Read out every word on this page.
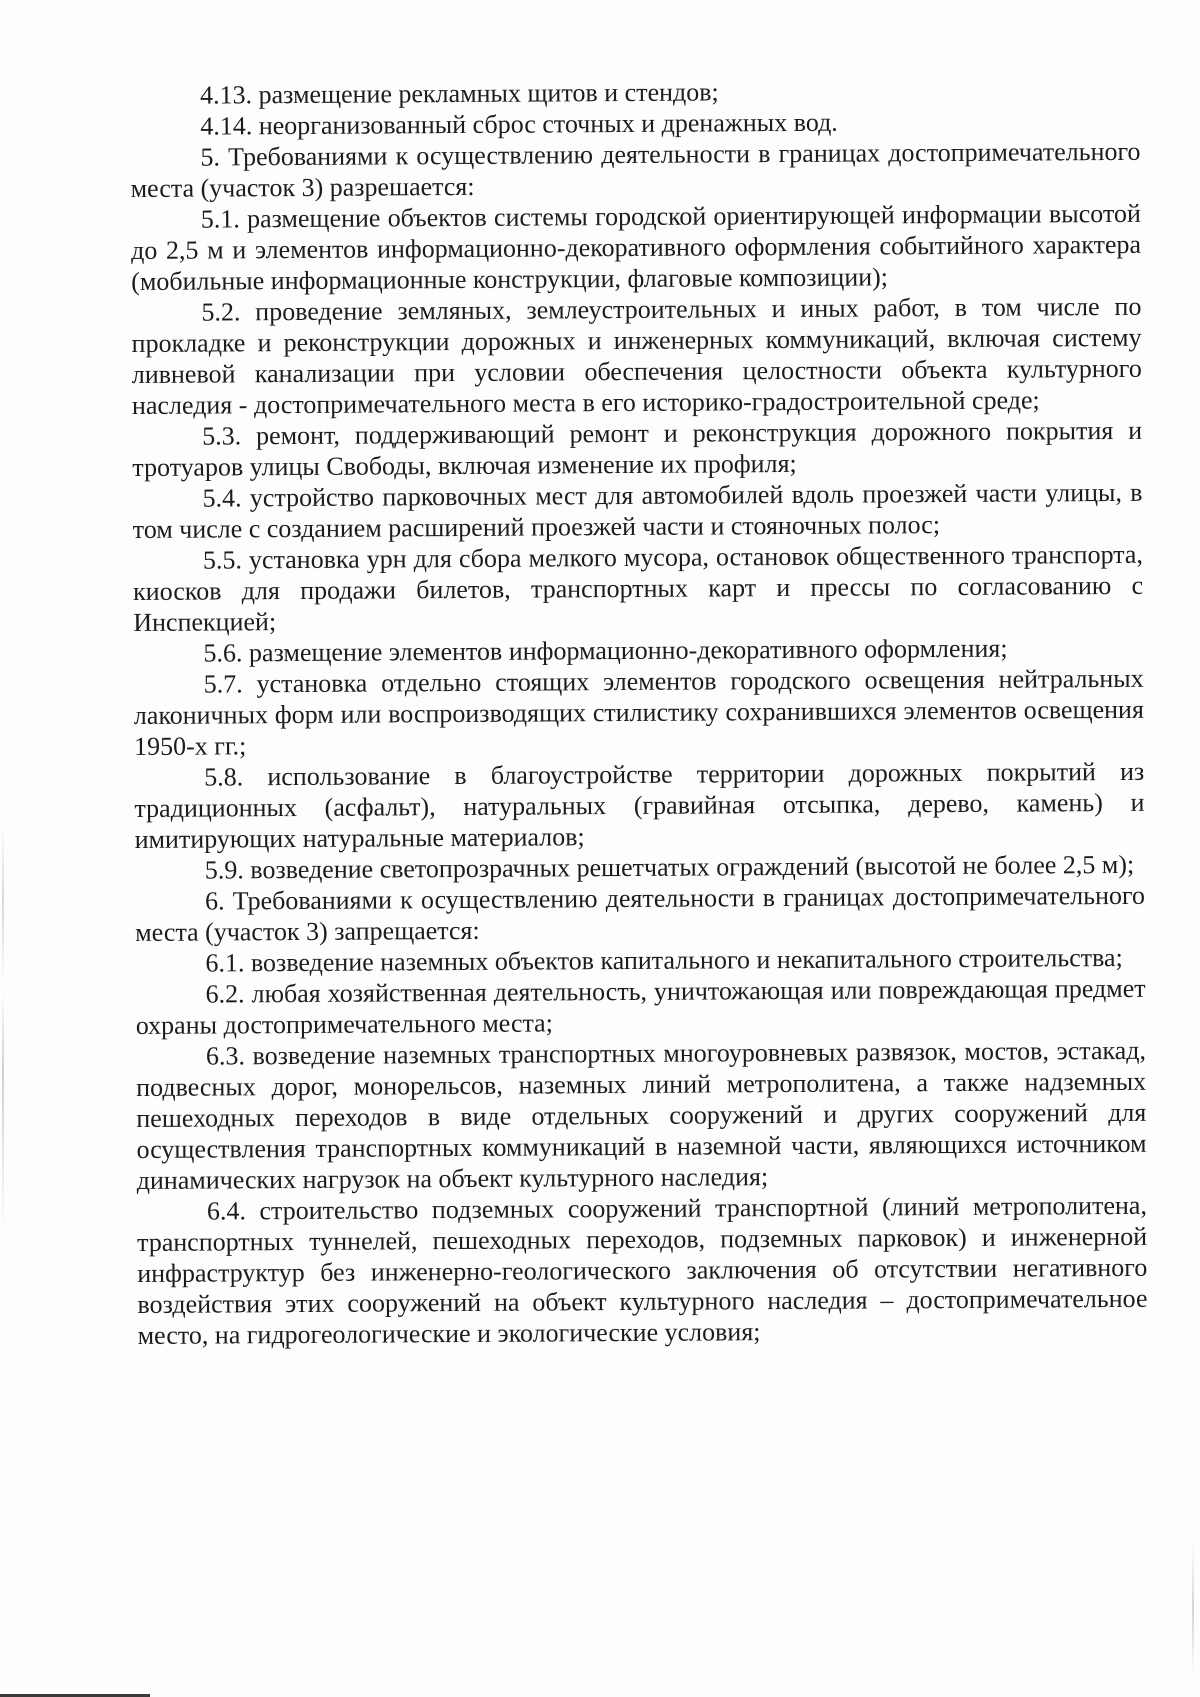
4.13. размещение рекламных щитов и стендов;

4.14. неорганизованный сброс сточных и дренажных вод.

5. Требованиями к осуществлению деятельности в границах достопримечательного места (участок 3) разрешается:

5.1. размещение объектов системы городской ориентирующей информации высотой до 2,5 м и элементов информационно-декоративного оформления событийного характера (мобильные информационные конструкции, флаговые композиции);

5.2. проведение земляных, землеустроительных и иных работ, в том числе по прокладке и реконструкции дорожных и инженерных коммуникаций, включая систему ливневой канализации при условии обеспечения целостности объекта культурного наследия - достопримечательного места в его историко-градостроительной среде;

5.3. ремонт, поддерживающий ремонт и реконструкция дорожного покрытия и тротуаров улицы Свободы, включая изменение их профиля;

5.4. устройство парковочных мест для автомобилей вдоль проезжей части улицы, в том числе с созданием расширений проезжей части и стояночных полос;

5.5. установка урн для сбора мелкого мусора, остановок общественного транспорта, киосков для продажи билетов, транспортных карт и прессы по согласованию с Инспекцией;

5.6. размещение элементов информационно-декоративного оформления;

5.7. установка отдельно стоящих элементов городского освещения нейтральных лаконичных форм или воспроизводящих стилистику сохранившихся элементов освещения 1950-х гг.;

5.8. использование в благоустройстве территории дорожных покрытий из традиционных (асфальт), натуральных (гравийная отсыпка, дерево, камень) и имитирующих натуральные материалов;

5.9. возведение светопрозрачных решетчатых ограждений (высотой не более 2,5 м);

6. Требованиями к осуществлению деятельности в границах достопримечательного места (участок 3) запрещается:

6.1. возведение наземных объектов капитального и некапитального строительства;

6.2. любая хозяйственная деятельность, уничтожающая или повреждающая предмет охраны достопримечательного места;

6.3. возведение наземных транспортных многоуровневых развязок, мостов, эстакад, подвесных дорог, монорельсов, наземных линий метрополитена, а также надземных пешеходных переходов в виде отдельных сооружений и других сооружений для осуществления транспортных коммуникаций в наземной части, являющихся источником динамических нагрузок на объект культурного наследия;

6.4. строительство подземных сооружений транспортной (линий метрополитена, транспортных туннелей, пешеходных переходов, подземных парковок) и инженерной инфраструктур без инженерно-геологического заключения об отсутствии негативного воздействия этих сооружений на объект культурного наследия – достопримечательное место, на гидрогеологические и экологические условия;
